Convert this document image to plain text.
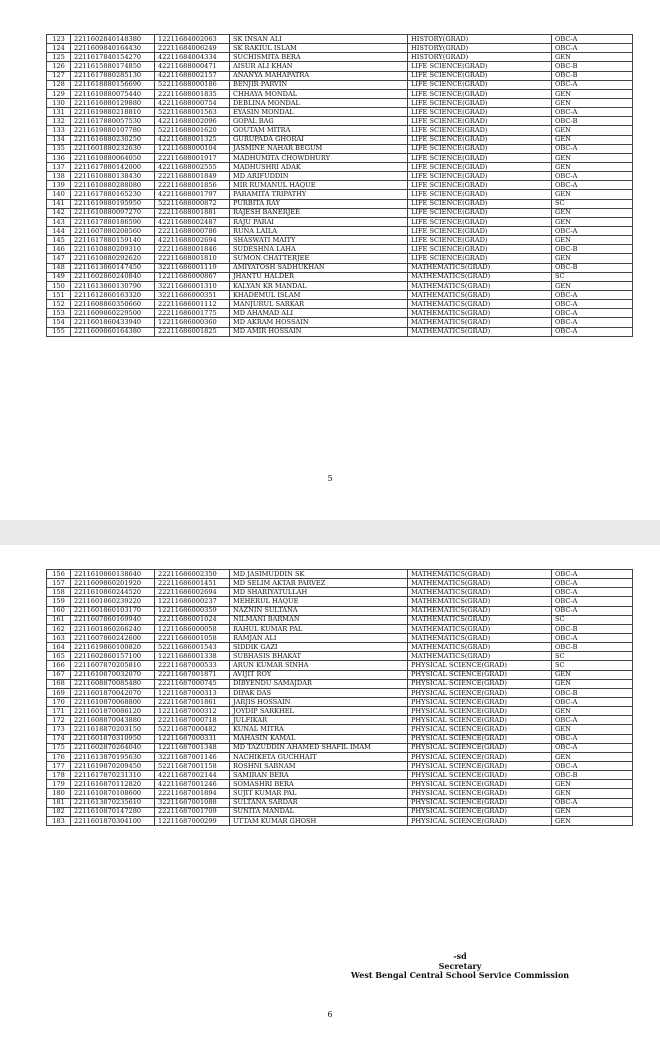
123	2211602840148380	12211684002063	SK INSAN ALI	HISTORY(GRAD)	OBC-A
124	2211609840164430	22211684006249	SK RAKIUL ISLAM	HISTORY(GRAD)	OBC-A
125	2211617840154270	42211684004334	SUCHISMITA BERA	HISTORY(GRAD)	GEN
126	2211615880174850	42211688000471	AISUR ALI KHAN	LIFE SCIENCE(GRAD)	OBC-B
127	2211617880285130	42211688002157	ANANYA MAHAPATRA	LIFE SCIENCE(GRAD)	OBC-B
128	2211618880156690	52211688000186	BENJIR PARVIN	LIFE SCIENCE(GRAD)	OBC-A
129	2211610880075440	22211688001835	CHHAYA MONDAL	LIFE SCIENCE(GRAD)	GEN
130	2211616880129880	42211688000754	DEBLINA MONDAL	LIFE SCIENCE(GRAD)	GEN
131	2211619880218810	52211688001563	EYASIN MONDAL	LIFE SCIENCE(GRAD)	OBC-A
132	2211617880057530	42211688002096	GOPAL BAG	LIFE SCIENCE(GRAD)	OBC-B
133	2211619880107780	52211688001620	GOUTAM MITRA	LIFE SCIENCE(GRAD)	GEN
134	2211616880230250	42211688001325	GURUPADA GHORAI	LIFE SCIENCE(GRAD)	GEN
135	2211601880232630	12211688000104	JASMINE NAHAR BEGUM	LIFE SCIENCE(GRAD)	OBC-A
136	2211610880064050	22211688001917	MADHUMITA CHOWDHURY	LIFE SCIENCE(GRAD)	GEN
137	2211617880142000	42211688002555	MADHUSHRI ADAK	LIFE SCIENCE(GRAD)	GEN
138	2211610880138430	22211688001849	MD ARIFUDDIN	LIFE SCIENCE(GRAD)	OBC-A
139	2211610880288080	22211688001856	MIR RUMANUL HAQUE	LIFE SCIENCE(GRAD)	OBC-A
140	2211617880165230	42211688001797	PARAMITA TRIPATHY	LIFE SCIENCE(GRAD)	GEN
141	2211619880195950	52211688000872	PURBITA RAY	LIFE SCIENCE(GRAD)	SC
142	2211610880097270	22211688001881	RAJESH BANERJEE	LIFE SCIENCE(GRAD)	GEN
143	2211617880186590	42211688002487	RAJU PARAI	LIFE SCIENCE(GRAD)	GEN
144	2211607880208560	22211688000786	RUNA LAILA	LIFE SCIENCE(GRAD)	OBC-A
145	2211617880159140	42211688002694	SHASWATI MAITY	LIFE SCIENCE(GRAD)	GEN
146	2211610880209310	22211688001846	SUDESHNA LAHA	LIFE SCIENCE(GRAD)	OBC-B
147	2211610880292620	22211688001810	SUMON CHATTERJEE	LIFE SCIENCE(GRAD)	GEN
148	2211613860147450	32211686001119	AMIYATOSH SADHUKHAN	MATHEMATICS(GRAD)	OBC-B
149	2211602860240840	12211686000867	JHANTU HALDER	MATHEMATICS(GRAD)	SC
150	2211613860130790	32211686001310	KALYAN KR MANDAL	MATHEMATICS(GRAD)	GEN
151	2211612860163320	32211686000351	KHADEMUL ISLAM	MATHEMATICS(GRAD)	OBC-A
152	2211608860350660	22211686001112	MANJURUL SARKAR	MATHEMATICS(GRAD)	OBC-A
153	2211609860229500	22211686001775	MD AHAMAD ALI	MATHEMATICS(GRAD)	OBC-A
154	2211601860433940	12211686000360	MD AKRAM HOSSAIN	MATHEMATICS(GRAD)	OBC-A
155	2211609860164380	22211686001825	MD AMIR HOSSAIN	MATHEMATICS(GRAD)	OBC-A
5
156	2211610860138640	22211686002350	MD JASIMUDDIN SK	MATHEMATICS(GRAD)	OBC-A
157	2211609860201920	22211686001451	MD SELIM AKTAR PARVEZ	MATHEMATICS(GRAD)	OBC-A
158	2211610860244520	22211686002694	MD SHARIYATULLAH	MATHEMATICS(GRAD)	OBC-A
159	2211601860239220	12211686000237	MEHERUL HAQUE	MATHEMATICS(GRAD)	OBC-A
160	2211601860103170	12211686000359	NAZNIN SULTANA	MATHEMATICS(GRAD)	OBC-A
161	2211607860169940	22211686001024	NILMANI BARMAN	MATHEMATICS(GRAD)	SC
162	2211601860266240	12211686000058	RAHUL KUMAR PAL	MATHEMATICS(GRAD)	OBC-B
163	2211607860242600	22211686001058	RAMJAN ALI	MATHEMATICS(GRAD)	OBC-A
164	2211619860100820	52211686001543	SIDDIK GAZI	MATHEMATICS(GRAD)	OBC-B
165	2211602860157100	12211686001338	SUBHASIS BHAKAT	MATHEMATICS(GRAD)	SC
166	2211607870205810	22211687000533	ARUN KUMAR SINHA	PHYSICAL SCIENCE(GRAD)	SC
167	2211610870032070	22211687001871	AVIJIT ROY	PHYSICAL SCIENCE(GRAD)	GEN
168	2211608870085480	22211687000745	DIBYENDU SAMAJDAR	PHYSICAL SCIENCE(GRAD)	GEN
169	2211601870042070	12211687000313	DIPAK DAS	PHYSICAL SCIENCE(GRAD)	OBC-B
170	2211610870068800	22211687001861	JARJIS HOSSAIN	PHYSICAL SCIENCE(GRAD)	OBC-A
171	2211601870086120	12211687000312	JOYDIP SARKHEL	PHYSICAL SCIENCE(GRAD)	GEN
172	2211608870043880	22211687000718	JULFIKAR	PHYSICAL SCIENCE(GRAD)	OBC-A
173	2211618870203150	52211687000482	KUNAL MITRA	PHYSICAL SCIENCE(GRAD)	GEN
174	2211601870310950	12211687000331	MAHASIN KAMAL	PHYSICAL SCIENCE(GRAD)	OBC-A
175	2211602870264040	12211687001348	MD TAZUDDIN AHAMED SHAFIL IMAM	PHYSICAL SCIENCE(GRAD)	OBC-A
176	2211613870195630	32211687001146	NACHIKETA GUCHHAIT	PHYSICAL SCIENCE(GRAD)	GEN
177	2211619870209450	52211687001158	ROSHNI SABNAM	PHYSICAL SCIENCE(GRAD)	OBC-A
178	2211617870231310	42211687002144	SAMIRAN BERA	PHYSICAL SCIENCE(GRAD)	OBC-B
179	2211616870112820	42211687001246	SOMASHRI BERA	PHYSICAL SCIENCE(GRAD)	GEN
180	2211610870108600	22211687001894	SUJIT KUMAR PAL	PHYSICAL SCIENCE(GRAD)	GEN
181	2211613870235610	32211687001088	SULTANA SARDAR	PHYSICAL SCIENCE(GRAD)	OBC-A
182	2211610870147280	22211687001709	SUNITA MANDAL	PHYSICAL SCIENCE(GRAD)	GEN
183	2211601870304100	12211687000299	UTTAM KUMAR GHOSH	PHYSICAL SCIENCE(GRAD)	GEN
-sd
Secretary
West Bengal Central School Service Commission
6
